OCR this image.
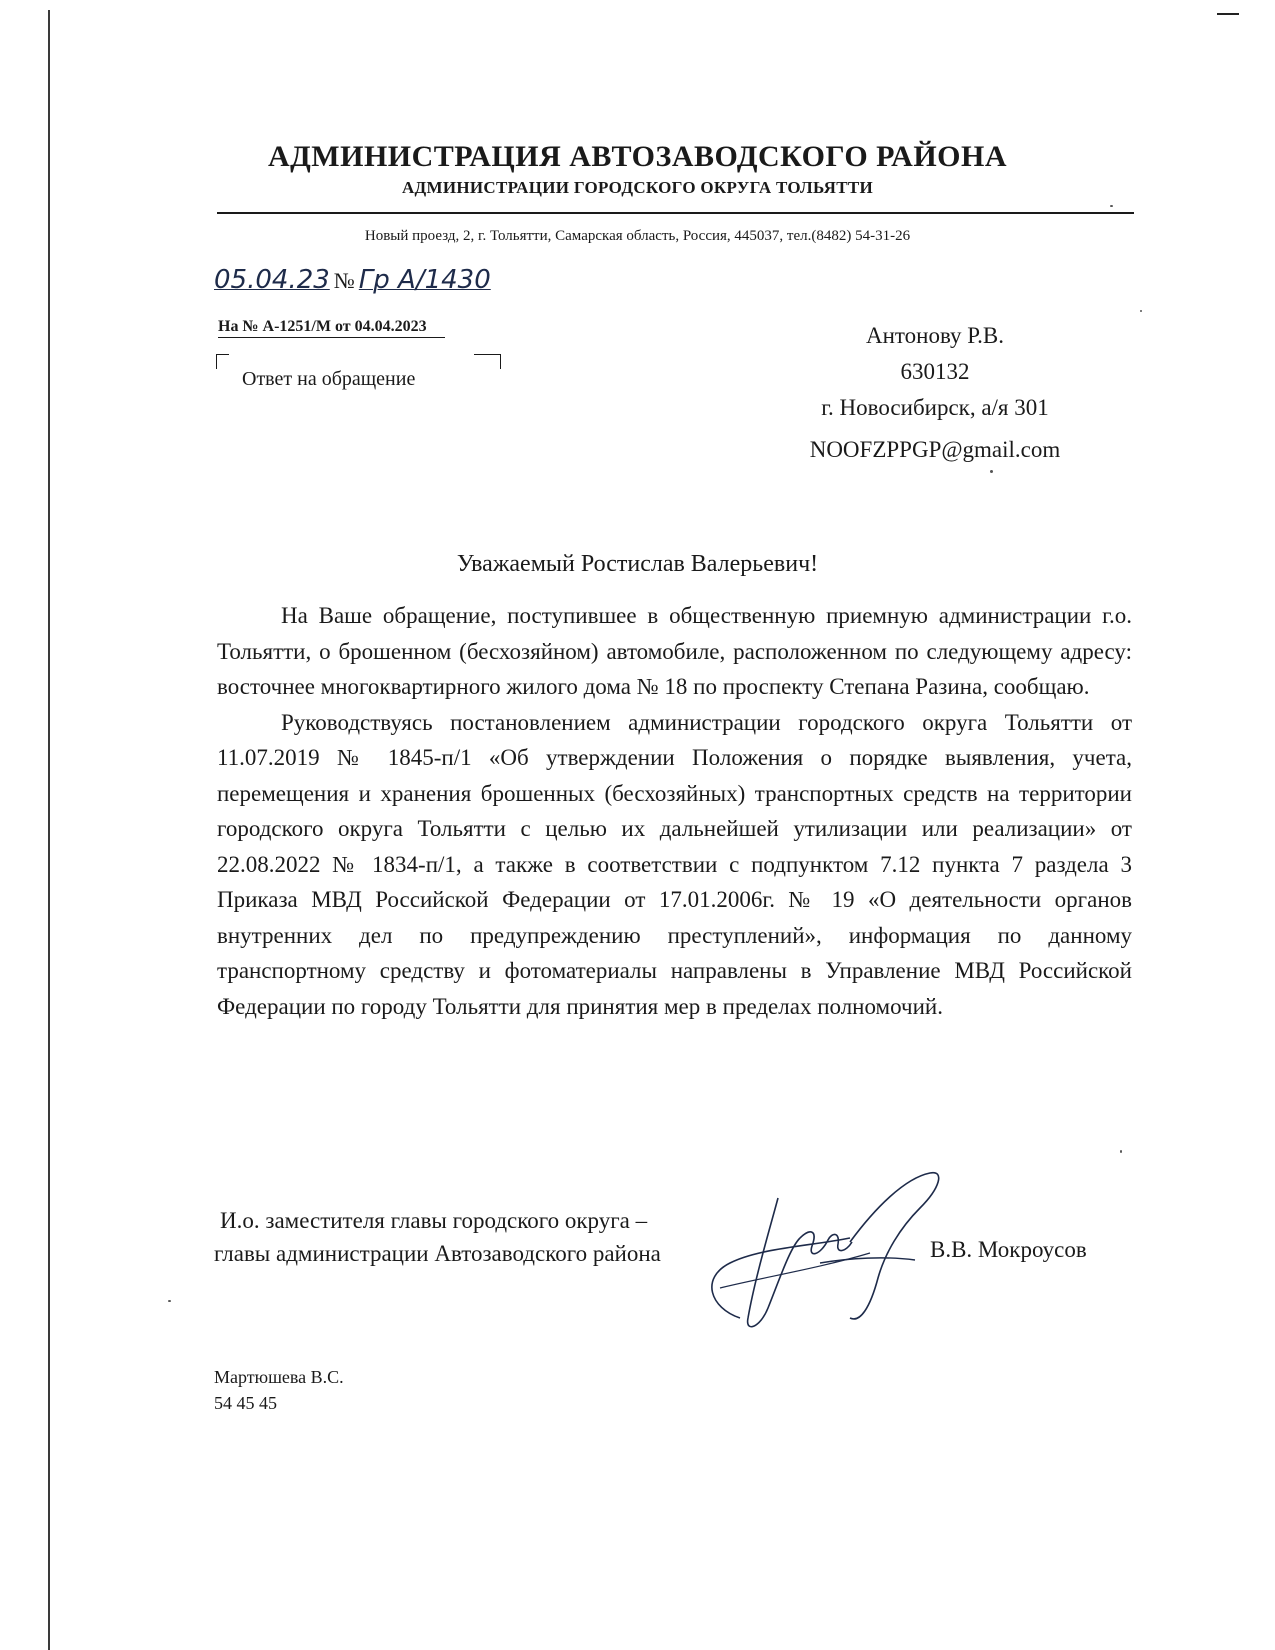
АДМИНИСТРАЦИЯ АВТОЗАВОДСКОГО РАЙОНА
АДМИНИСТРАЦИИ ГОРОДСКОГО ОКРУГА ТОЛЬЯТТИ
Новый проезд, 2, г. Тольятти, Самарская область, Россия, 445037, тел.(8482) 54-31-26
05.04.23 № Гр А/1430
На № А-1251/М от 04.04.2023
Ответ на обращение
Антонову Р.В.
630132
г. Новосибирск, а/я 301
NOOFZPPGP@gmail.com
Уважаемый Ростислав Валерьевич!

На Ваше обращение, поступившее в общественную приемную администрации г.о. Тольятти, о брошенном (бесхозяйном) автомобиле, расположенном по следующему адресу: восточнее многоквартирного жилого дома № 18 по проспекту Степана Разина, сообщаю.

Руководствуясь постановлением администрации городского округа Тольятти от 11.07.2019 № 1845-п/1 «Об утверждении Положения о порядке выявления, учета, перемещения и хранения брошенных (бесхозяйных) транспортных средств на территории городского округа Тольятти с целью их дальнейшей утилизации или реализации» от 22.08.2022 № 1834-п/1, а также в соответствии с подпунктом 7.12 пункта 7 раздела 3 Приказа МВД Российской Федерации от 17.01.2006г. № 19 «О деятельности органов внутренних дел по предупреждению преступлений», информация по данному транспортному средству и фотоматериалы направлены в Управление МВД Российской Федерации по городу Тольятти для принятия мер в пределах полномочий.

И.о. заместителя главы городского округа –
главы администрации Автозаводского района	В.В. Мокроусов
Мартюшева В.С.
54 45 45
